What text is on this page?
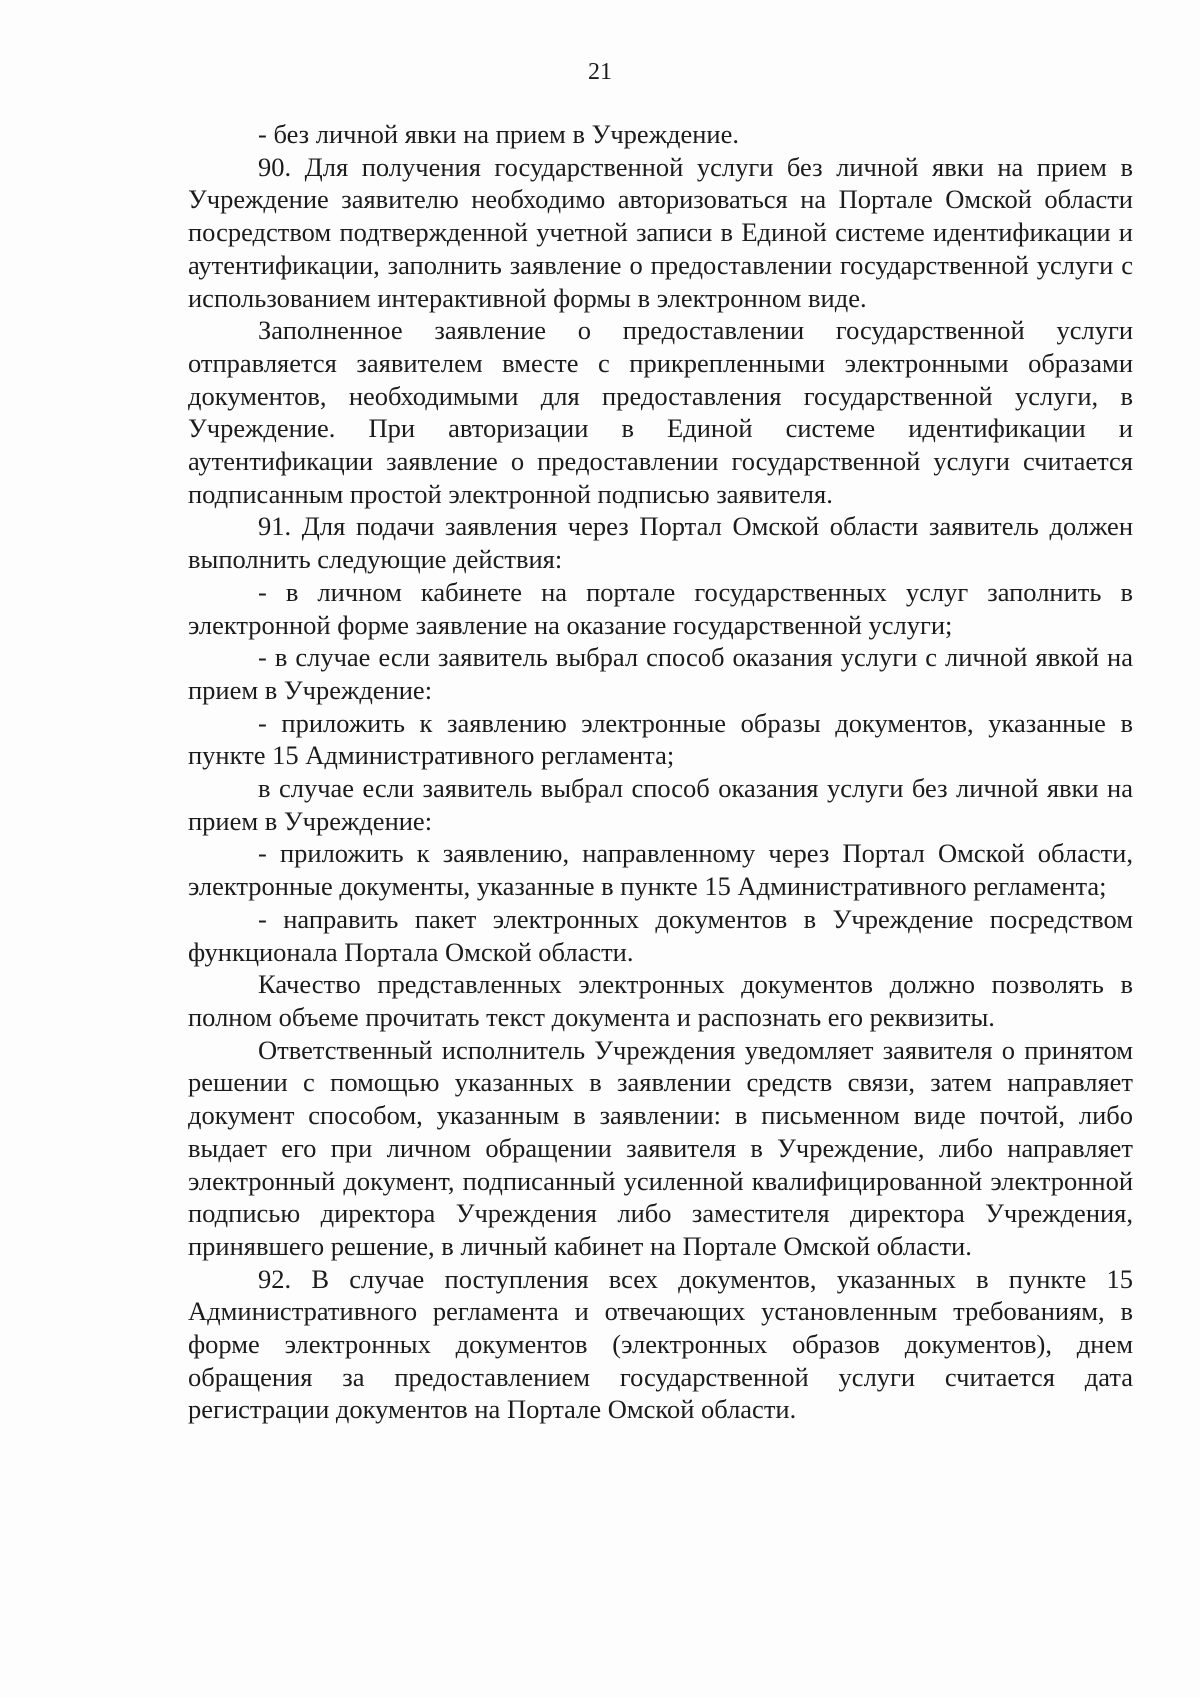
21

- без личной явки на прием в Учреждение.

90. Для получения государственной услуги без личной явки на прием в Учреждение заявителю необходимо авторизоваться на Портале Омской области посредством подтвержденной учетной записи в Единой системе идентификации и аутентификации, заполнить заявление о предоставлении государственной услуги с использованием интерактивной формы в электронном виде.

Заполненное заявление о предоставлении государственной услуги отправляется заявителем вместе с прикрепленными электронными образами документов, необходимыми для предоставления государственной услуги, в Учреждение. При авторизации в Единой системе идентификации и аутентификации заявление о предоставлении государственной услуги считается подписанным простой электронной подписью заявителя.

91. Для подачи заявления через Портал Омской области заявитель должен выполнить следующие действия:

- в личном кабинете на портале государственных услуг заполнить в электронной форме заявление на оказание государственной услуги;

- в случае если заявитель выбрал способ оказания услуги с личной явкой на прием в Учреждение:

- приложить к заявлению электронные образы документов, указанные в пункте 15 Административного регламента;

в случае если заявитель выбрал способ оказания услуги без личной явки на прием в Учреждение:

- приложить к заявлению, направленному через Портал Омской области, электронные документы, указанные в пункте 15 Административного регламента;

- направить пакет электронных документов в Учреждение посредством функционала Портала Омской области.

Качество представленных электронных документов должно позволять в полном объеме прочитать текст документа и распознать его реквизиты.

Ответственный исполнитель Учреждения уведомляет заявителя о принятом решении с помощью указанных в заявлении средств связи, затем направляет документ способом, указанным в заявлении: в письменном виде почтой, либо выдает его при личном обращении заявителя в Учреждение, либо направляет электронный документ, подписанный усиленной квалифицированной электронной подписью директора Учреждения либо заместителя директора Учреждения, принявшего решение, в личный кабинет на Портале Омской области.

92. В случае поступления всех документов, указанных в пункте 15 Административного регламента и отвечающих установленным требованиям, в форме электронных документов (электронных образов документов), днем обращения за предоставлением государственной услуги считается дата регистрации документов на Портале Омской области.
